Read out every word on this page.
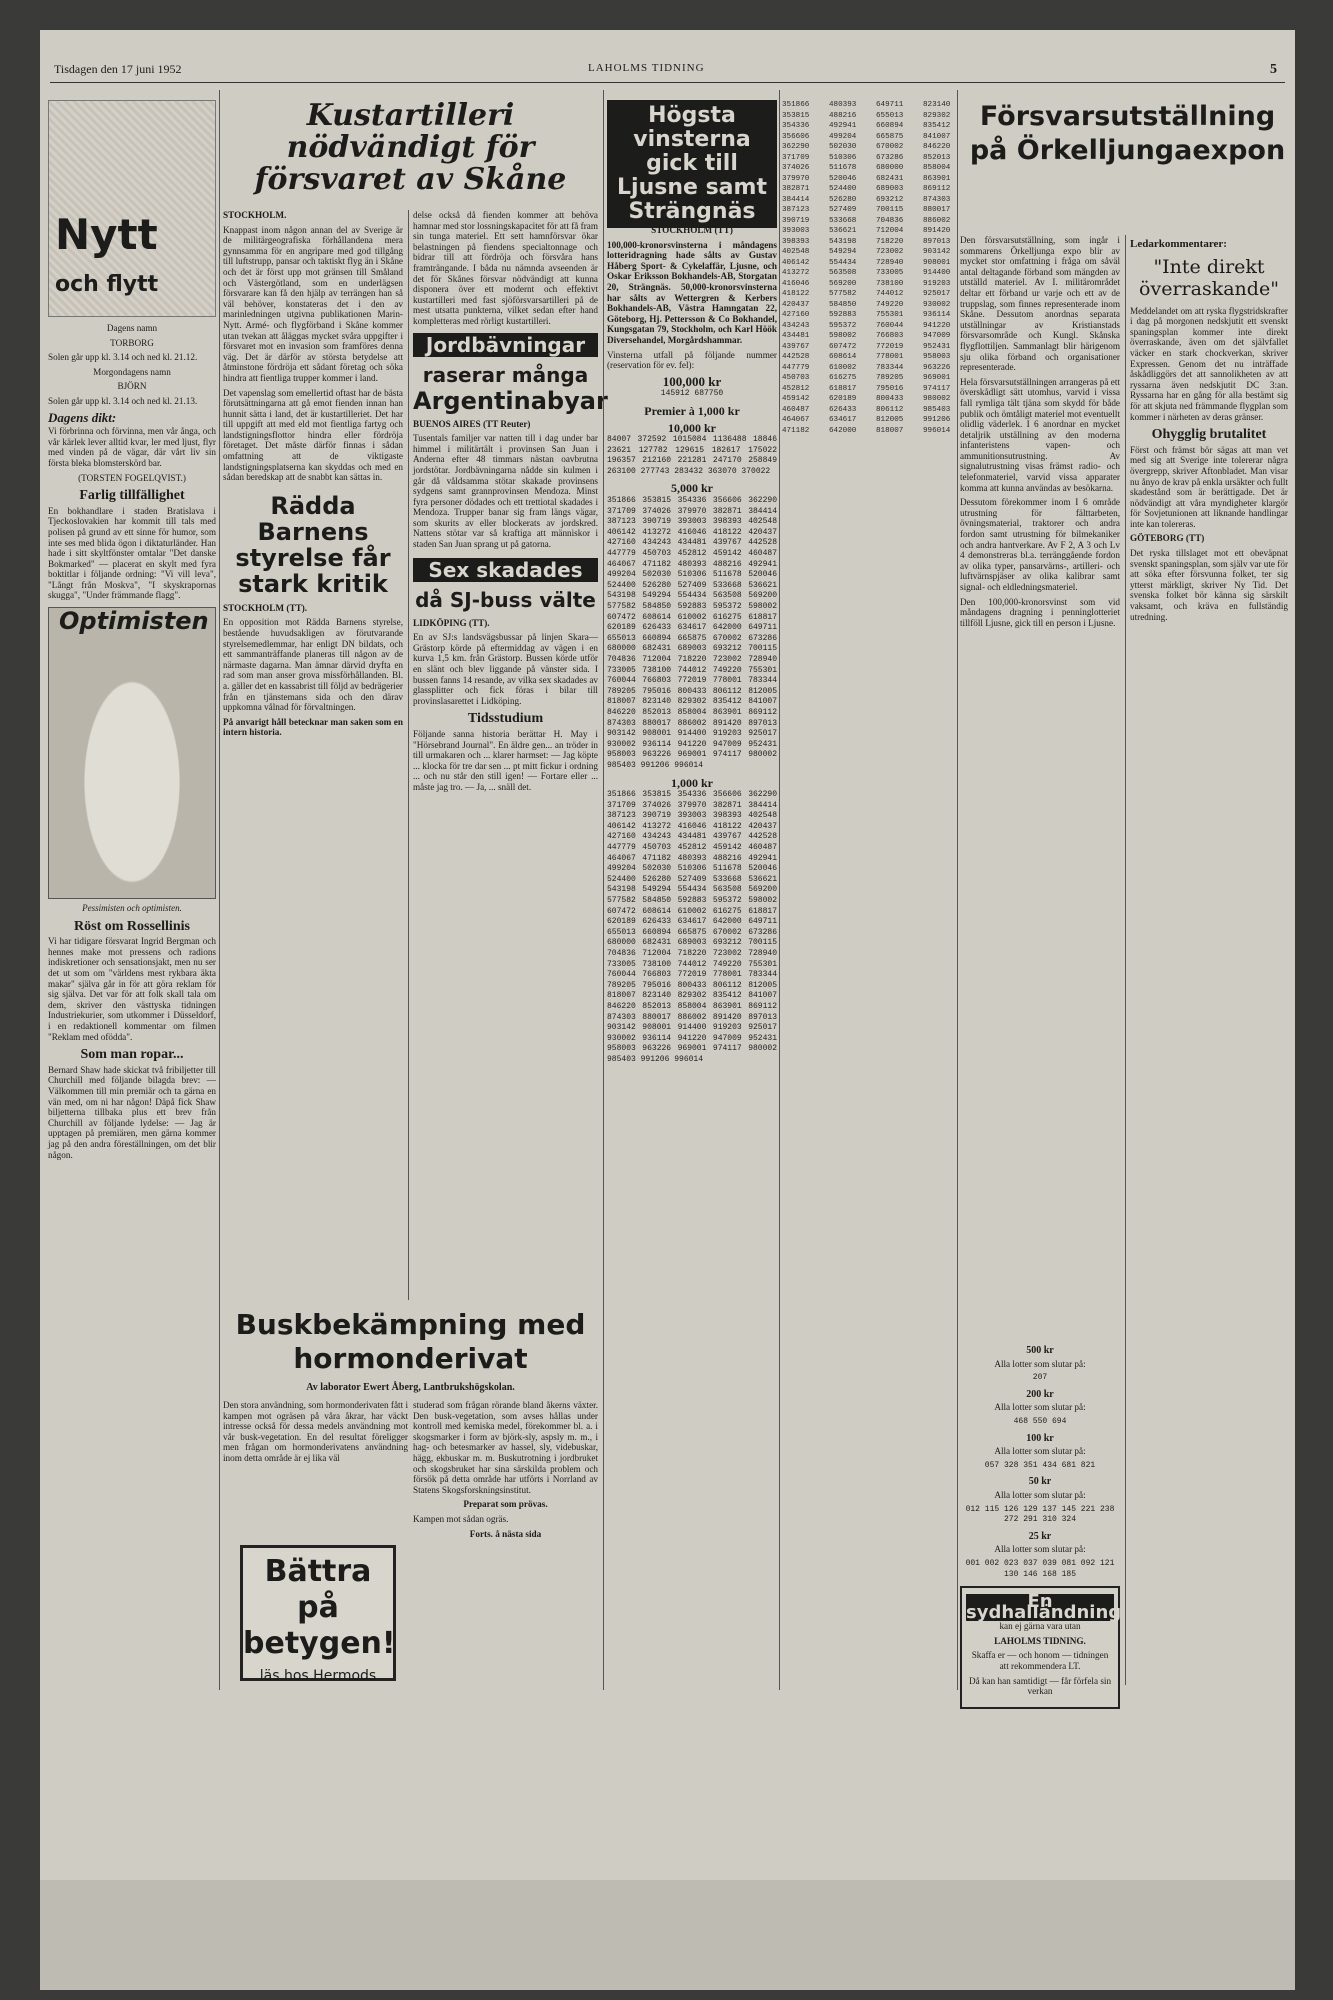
Tisdagen den 17 juni 1952	LAHOLMS TIDNING	5
Nytt
och flytt

Dagens namn

TORBORG

Solen går upp kl. 3.14 och ned kl. 21.12.

Morgondagens namn

BJÖRN

Solen går upp kl. 3.14 och ned kl. 21.13.

Dagens dikt:

Vi förbrinna och förvinna, men vår ånga, och vår kärlek lever alltid kvar, ler med ljust, flyr med vinden på de vägar, där vårt liv sin första bleka blomsterskörd bar.

(TORSTEN FOGELQVIST.)

Farlig tillfällighet

En bokhandlare i staden Bratislava i Tjeckoslovakien har kommit till tals med polisen på grund av ett sinne för humor, som inte ses med blida ögon i diktaturländer. Han hade i sitt skyltfönster omtalar "Det danske Bokmarked" — placerat en skylt med fyra boktitlar i följande ordning: "Vi vill leva", "Långt från Moskva", "I skyskrapornas skugga", "Under främmande flagg".

Optimisten
Pessimisten och optimisten.
Röst om Rossellinis

Vi har tidigare försvarat Ingrid Bergman och hennes make mot pressens och radions indiskretioner och sensationsjakt, men nu ser det ut som om "världens mest rykbara äkta makar" själva går in för att göra reklam för sig själva. Det var för att folk skall tala om dem, skriver den västtyska tidningen Industriekurier, som utkommer i Düsseldorf, i en redaktionell kommentar om filmen "Reklam med ofödda".

Som man ropar...

Bernard Shaw hade skickat två fribiljetter till Churchill med följande bilagda brev: — Välkommen till min premiär och ta gärna en vän med, om ni har någon! Däpå fick Shaw biljetterna tillbaka plus ett brev från Churchill av följande lydelse: — Jag är upptagen på premiären, men gärna kommer jag på den andra föreställningen, om det blir någon.

Kustartilleri nödvändigt för försvaret av Skåne

STOCKHOLM.

Knappast inom någon annan del av Sverige är de militärgeografiska förhållandena mera gynnsamma för en angripare med god tillgång till luftstrupp, pansar och taktiskt flyg än i Skåne och det är först upp mot gränsen till Småland och Västergötland, som en underlägsen försvarare kan få den hjälp av terrängen han så väl behöver, konstateras det i den av marinledningen utgivna publikationen Marin-Nytt. Armé- och flygförband i Skåne kommer utan tvekan att åläggas mycket svåra uppgifter i försvaret mot en invasion som framföres denna väg. Det är därför av största betydelse att åtminstone fördröja ett sådant företag och söka hindra att fientliga trupper kommer i land.

Det vapenslag som emellertid oftast har de bästa förutsättningarna att gå emot fienden innan han hunnit sätta i land, det är kustartilleriet. Det har till uppgift att med eld mot fientliga fartyg och landstigningsflottor hindra eller fördröja företaget. Det måste därför finnas i sådan omfattning att de viktigaste landstigningsplatserna kan skyddas och med en sådan beredskap att de snabbt kan sättas in.

Rädda Barnens
styrelse får
stark kritik

STOCKHOLM (TT).

En opposition mot Rädda Barnens styrelse, bestående huvudsakligen av förutvarande styrelsemedlemmar, har enligt DN bildats, och ett sammanträffande planeras till någon av de närmaste dagarna. Man ämnar därvid dryfta en rad som man anser grova missförhållanden. Bl. a. gäller det en kassabrist till följd av bedrägerier från en tjänstemans sida och den därav uppkomna vålnad för förvaltningen.

På anvarigt håll betecknar man saken som en intern historia.

delse också då fienden kommer att behöva hamnar med stor lossningskapacitet för att få fram sin tunga materiel. Ett sett hamnförsvar ökar belastningen på fiendens specialtonnage och bidrar till att fördröja och försvåra hans framträngande. I båda nu nämnda avseenden är det för Skånes försvar nödvändigt att kunna disponera över ett modernt och effektivt kustartilleri med fast sjöförsvarsartilleri på de mest utsatta punkterna, vilket sedan efter hand kompletteras med rörligt kustartilleri.

Jordbävningar
raserar många
Argentinabyar

BUENOS AIRES (TT Reuter)

Tusentals familjer var natten till i dag under bar himmel i militärtält i provinsen San Juan i Anderna efter 48 timmars nästan oavbrutna jordstötar. Jordbävningarna nådde sin kulmen i går då våldsamma stötar skakade provinsens sydgens samt grannprovinsen Mendoza. Minst fyra personer dödades och ett trettiotal skadades i Mendoza. Trupper banar sig fram längs vägar, som skurits av eller blockerats av jordskred. Nattens stötar var så kraftiga att människor i staden San Juan sprang ut på gatorna.

Sex skadades
då SJ-buss välte

LIDKÖPING (TT).

En av SJ:s landsvägsbussar på linjen Skara—Grästorp körde på eftermiddag av vägen i en kurva 1,5 km. från Grästorp. Bussen körde utför en slänt och blev liggande på vänster sida. I bussen fanns 14 resande, av vilka sex skadades av glassplitter och fick föras i bilar till provinslasarettet i Lidköping.

Tidsstudium

Följande sanna historia berättar H. May i "Hörsebrand Journal". En äldre gen... an tröder in till urmakaren och ... klarer harmset: — Jag köpte ... klocka för tre dar sen ... pt mitt fickur i ordning ... och nu står den still igen! — Fortare eller ... måste jag tro. — Ja, ... snäll det.

Buskbekämpning med
hormonderivat
Av laborator Ewert Åberg, Lantbrukshögskolan.

Den stora användning, som hormonderivaten fått i kampen mot ogräsen på våra åkrar, har väckt intresse också för dessa medels användning mot vår busk-vegetation. En del resultat föreligger men frågan om hormonderivatens användning inom detta område är ej lika väl

Bättra på
betygen!
läs hos Hermods

studerad som frågan rörande bland åkerns växter. Den busk-vegetation, som avses hållas under kontroll med kemiska medel, förekommer bl. a. i skogsmarker i form av björk-sly, aspsly m. m., i hag- och betesmarker av hassel, sly, videbuskar, hägg, ekbuskar m. m. Buskutrotning i jordbruket och skogsbruket har sina särskilda problem och försök på detta område har utförts i Norrland av Statens Skogsforskningsinstitut.

Preparat som prövas.

Kampen mot sådan ogräs.

Forts. å nästa sida

Högsta vinsterna gick till Ljusne samt Strängnäs

STOCKHOLM (TT)

100,000-kronorsvinsterna i måndagens lotteridragning hade sålts av Gustav Håberg Sport- & Cykelaffär, Ljusne, och Oskar Eriksson Bokhandels-AB, Storgatan 20, Strängnäs. 50,000-kronorsvinsterna har sålts av Wettergren & Kerbers Bokhandels-AB, Västra Hamngatan 22, Göteborg, Hj. Pettersson & Co Bokhandel, Kungsgatan 79, Stockholm, och Karl Höök Diversehandel, Morgårdshammar.

Vinsterna utfall på följande nummer (reservation för ev. fel):

100,000 kr

145912 687750

Premier à 1,000 kr
10,000 kr

84007 372592 1015084 1136488 18846 23621 127782 129615 182617 175022 196357 212160 221281 247170 258849 263100 277743 283432 363070 370022

5,000 kr

351866 353815 354336 356606 362290 371709 374026 379970 382871 384414 387123 390719 393003 398393 402548 406142 413272 416046 418122 420437 427160 434243 434481 439767 442528 447779 450703 452812 459142 460487 464067 471182 480393 488216 492941 499204 502030 510306 511678 520046 524400 526280 527409 533668 536621 543198 549294 554434 563508 569200 577582 584850 592883 595372 598002 607472 608614 610002 616275 618817 620189 626433 634617 642000 649711 655013 660894 665875 670002 673286 680000 682431 689003 693212 700115 704836 712004 718220 723002 728940 733005 738100 744012 749220 755301 760044 766803 772019 778001 783344 789205 795016 800433 806112 812005 818007 823140 829302 835412 841007 846220 852013 858004 863901 869112 874303 880017 886002 891420 897013 903142 908001 914400 919203 925017 930002 936114 941220 947009 952431 958003 963226 969001 974117 980002 985403 991206 996014

1,000 kr

351866 353815 354336 356606 362290 371709 374026 379970 382871 384414 387123 390719 393003 398393 402548 406142 413272 416046 418122 420437 427160 434243 434481 439767 442528 447779 450703 452812 459142 460487 464067 471182 480393 488216 492941 499204 502030 510306 511678 520046 524400 526280 527409 533668 536621 543198 549294 554434 563508 569200 577582 584850 592883 595372 598002 607472 608614 610002 616275 618817 620189 626433 634617 642000 649711 655013 660894 665875 670002 673286 680000 682431 689003 693212 700115 704836 712004 718220 723002 728940 733005 738100 744012 749220 755301 760044 766803 772019 778001 783344 789205 795016 800433 806112 812005 818007 823140 829302 835412 841007 846220 852013 858004 863901 869112 874303 880017 886002 891420 897013 903142 908001 914400 919203 925017 930002 936114 941220 947009 952431 958003 963226 969001 974117 980002 985403 991206 996014

351866 353815 354336 356606 362290 371709 374026 379970 382871 384414 387123 390719 393003 398393 402548 406142 413272 416046 418122 420437 427160 434243 434481 439767 442528 447779 450703 452812 459142 460487 464067 471182 480393 488216 492941 499204 502030 510306 511678 520046 524400 526280 527409 533668 536621 543198 549294 554434 563508 569200 577582 584850 592883 595372 598002 607472 608614 610002 616275 618817 620189 626433 634617 642000 649711 655013 660894 665875 670002 673286 680000 682431 689003 693212 700115 704836 712004 718220 723002 728940 733005 738100 744012 749220 755301 760044 766803 772019 778001 783344 789205 795016 800433 806112 812005 818007 823140 829302 835412 841007 846220 852013 858004 863901 869112 874303 880017 886002 891420 897013 903142 908001 914400 919203 925017 930002 936114 941220 947009 952431 958003 963226 969001 974117 980002 985403 991206 996014
Försvarsutställning
på Örkelljungaexpon

Den försvarsutställning, som ingår i sommarens Örkelljunga expo blir av mycket stor omfattning i fråga om såväl antal deltagande förband som mängden av utställd materiel. Av I. militärområdet deltar ett förband ur varje och ett av de truppslag, som finnes representerade inom Skåne. Dessutom anordnas separata utställningar av Kristianstads försvarsområde och Kungl. Skånska flygflottiljen. Sammanlagt blir härigenom sju olika förband och organisationer representerade.

Hela försvarsutställningen arrangeras på ett överskådligt sätt utomhus, varvid i vissa fall rymliga tält tjäna som skydd för både publik och ömtåligt materiel mot eventuellt olidlig väderlek. I 6 anordnar en mycket detaljrik utställning av den moderna infanteristens vapen- och ammunitionsutrustning. Av signalutrustning visas främst radio- och telefonmateriel, varvid vissa apparater komma att kunna användas av besökarna.

Dessutom förekommer inom I 6 område utrustning för fälttarbeten, övningsmaterial, traktorer och andra fordon samt utrustning för bilmekaniker och andra hantverkare. Av F 2, A 3 och Lv 4 demonstreras bl.a. terränggående fordon av olika typer, pansarvärns-, artilleri- och luftvärnspjäser av olika kalibrar samt signal- och eldledningsmateriel.

Den 100,000-kronorsvinst som vid måndagens dragning i penninglotteriet tillföll Ljusne, gick till en person i Ljusne.

Ledarkommentarer:
"Inte direkt överraskande"

Meddelandet om att ryska flygstridskrafter i dag på morgonen nedskjutit ett svenskt spaningsplan kommer inte direkt överraskande, även om det självfallet väcker en stark chockverkan, skriver Expressen. Genom det nu inträffade åskådliggörs det att sannolikheten av att ryssarna även nedskjutit DC 3:an. Ryssarna har en gång för alla bestämt sig för att skjuta ned främmande flygplan som kommer i närheten av deras gränser.

Ohygglig brutalitet

Först och främst bör sägas att man vet med sig att Sverige inte tolererar några övergrepp, skriver Aftonbladet. Man visar nu ånyo de krav på enkla ursäkter och fullt skadestånd som är berättigade. Det är nödvändigt att våra myndigheter klargör för Sovjetunionen att liknande handlingar inte kan tolereras.

GÖTEBORG (TT)

Det ryska tillslaget mot ett obeväpnat svenskt spaningsplan, som själv var ute för att söka efter försvunna folket, ter sig ytterst märkligt, skriver Ny Tid. Det svenska folket bör känna sig särskilt vaksamt, och kräva en fullständig utredning.

500 kr

Alla lotter som slutar på:

207

200 kr

Alla lotter som slutar på:

468 550 694

100 kr

Alla lotter som slutar på:

057 328 351 434 681 821

50 kr

Alla lotter som slutar på:

012 115 126 129 137 145 221 238 272 291 310 324

25 kr

Alla lotter som slutar på:

001 002 023 037 039 081 092 121 130 146 168 185

En sydhalländning

kan ej gärna vara utan

LAHOLMS TIDNING.

Skaffa er — och honom — tidningen att rekommendera LT.

Då kan han samtidigt — får förfela sin verkan
